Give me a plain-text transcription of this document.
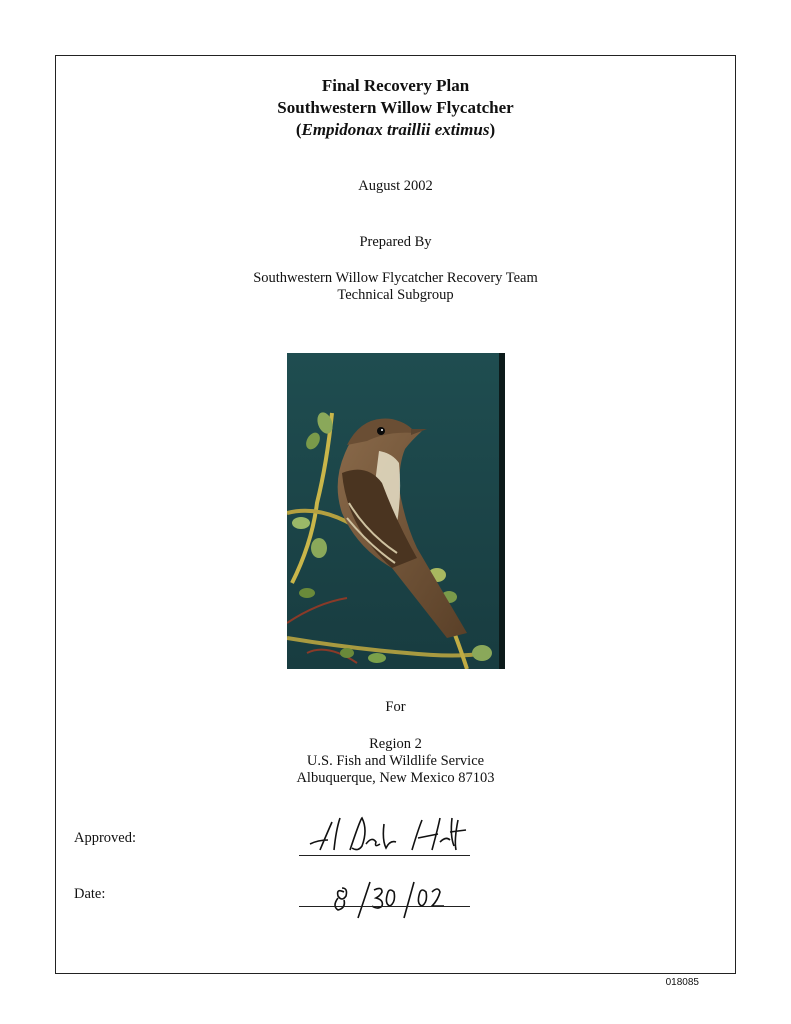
Final Recovery Plan
Southwestern Willow Flycatcher
(Empidonax traillii extimus)
August 2002
Prepared By
Southwestern Willow Flycatcher Recovery Team
Technical Subgroup
For
Region 2
U.S. Fish and Wildlife Service
Albuquerque, New Mexico 87103
Approved:
Date:
018085
